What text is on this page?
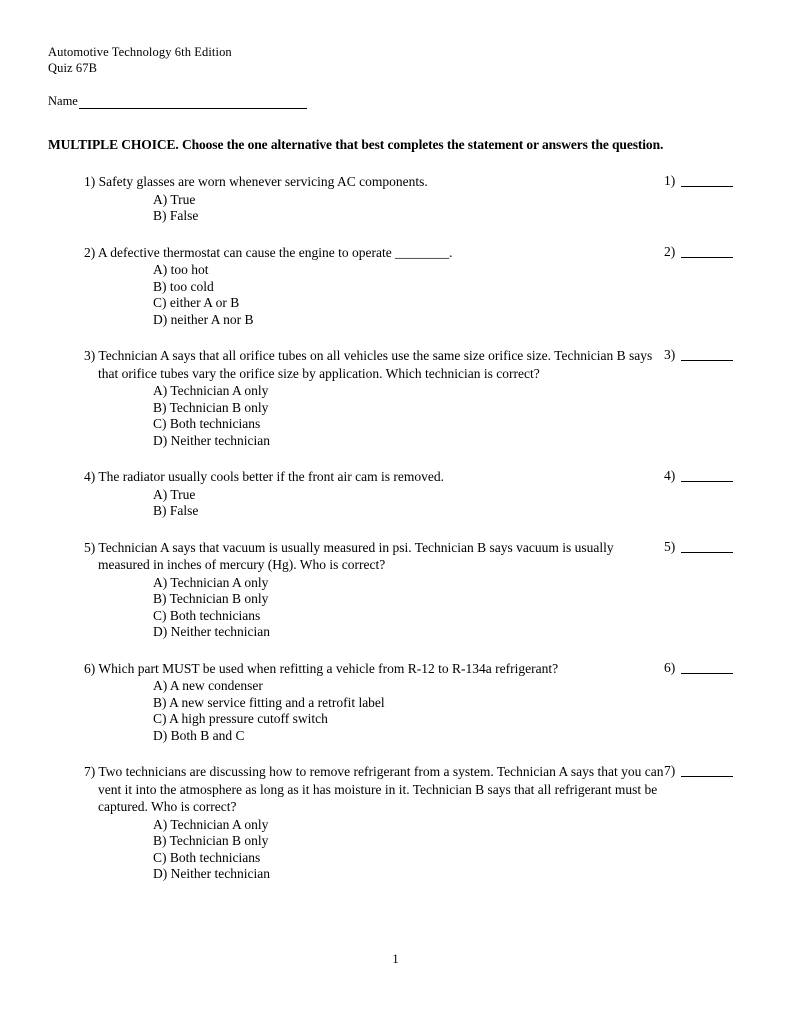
Automotive Technology 6th Edition
Quiz 67B
Name
MULTIPLE CHOICE. Choose the one alternative that best completes the statement or answers the question.
1) Safety glasses are worn whenever servicing AC components.
A) True
B) False
1)
2) A defective thermostat can cause the engine to operate ________.
A) too hot
B) too cold
C) either A or B
D) neither A nor B
2)
3) Technician A says that all orifice tubes on all vehicles use the same size orifice size. Technician B says that orifice tubes vary the orifice size by application. Which technician is correct?
A) Technician A only
B) Technician B only
C) Both technicians
D) Neither technician
3)
4) The radiator usually cools better if the front air cam is removed.
A) True
B) False
4)
5) Technician A says that vacuum is usually measured in psi. Technician B says vacuum is usually measured in inches of mercury (Hg). Who is correct?
A) Technician A only
B) Technician B only
C) Both technicians
D) Neither technician
5)
6) Which part MUST be used when refitting a vehicle from R-12 to R-134a refrigerant?
A) A new condenser
B) A new service fitting and a retrofit label
C) A high pressure cutoff switch
D) Both B and C
6)
7) Two technicians are discussing how to remove refrigerant from a system. Technician A says that you can vent it into the atmosphere as long as it has moisture in it. Technician B says that all refrigerant must be captured. Who is correct?
A) Technician A only
B) Technician B only
C) Both technicians
D) Neither technician
7)
1
